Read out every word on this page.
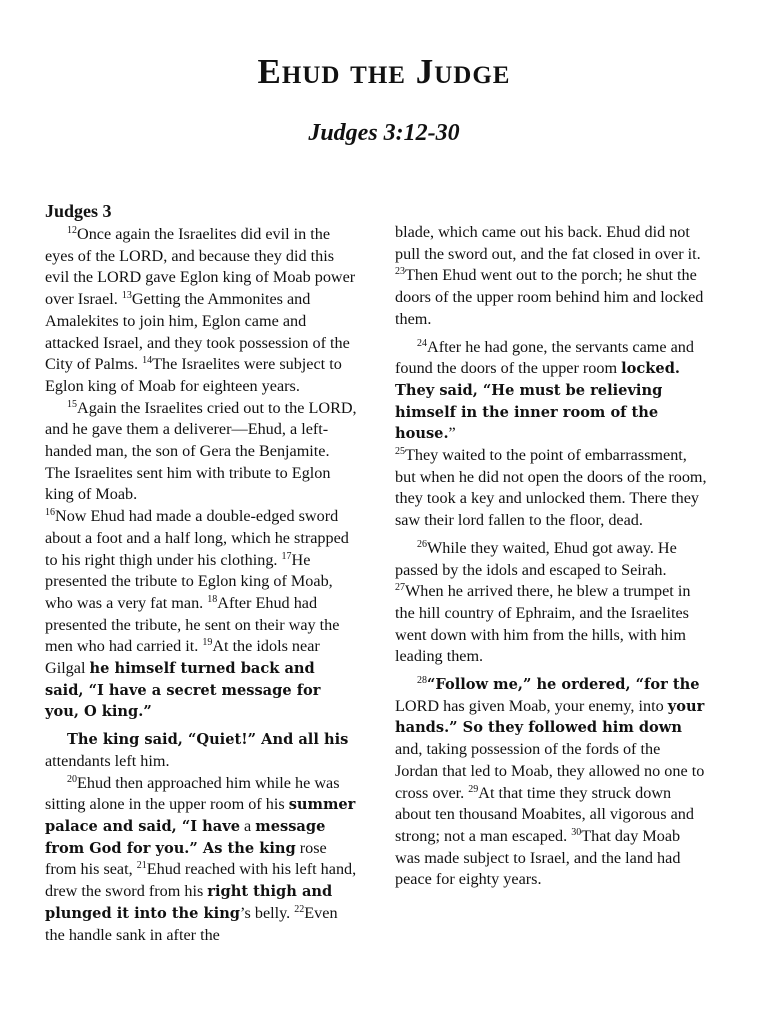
Ehud the Judge
Judges 3:12-30
Judges 3

$^{12}$Once again the Israelites did evil in the eyes of the LORD, and because they did this evil the LORD gave Eglon king of Moab power over Israel. $^{13}$Getting the Ammonites and Amalekites to join him, Eglon came and attacked Israel, and they took possession of the City of Palms. $^{14}$The Israelites were subject to Eglon king of Moab for eighteen years.

$^{15}$Again the Israelites cried out to the LORD, and he gave them a deliverer—Ehud, a left-handed man, the son of Gera the Benjamite. The Israelites sent him with tribute to Eglon king of Moab.

$^{16}$Now Ehud had made a double-edged sword about a foot and a half long, which he strapped to his right thigh under his clothing. $^{17}$He presented the tribute to Eglon king of Moab, who was a very fat man. $^{18}$After Ehud had presented the tribute, he sent on their way the men who had carried it. $^{19}$At the idols near Gilgal he himself turned back and said, “I have a secret message for you, O king.”

The king said, “Quiet!” And all his attendants left him.

$^{20}$Ehud then approached him while he was sitting alone in the upper room of his summer palace and said, “I have a message from God for you.” As the king rose from his seat, $^{21}$Ehud reached with his left hand, drew the sword from his right thigh and plunged it into the king’s belly. $^{22}$Even the handle sank in after the

blade, which came out his back. Ehud did not pull the sword out, and the fat closed in over it. $^{23}$Then Ehud went out to the porch; he shut the doors of the upper room behind him and locked them.

$^{24}$After he had gone, the servants came and found the doors of the upper room locked. They said, “He must be relieving himself in the inner room of the house.”

$^{25}$They waited to the point of embarrassment, but when he did not open the doors of the room, they took a key and unlocked them. There they saw their lord fallen to the floor, dead.

$^{26}$While they waited, Ehud got away. He passed by the idols and escaped to Seirah. $^{27}$When he arrived there, he blew a trumpet in the hill country of Ephraim, and the Israelites went down with him from the hills, with him leading them.

$^{28}$“Follow me,” he ordered, “for the LORD has given Moab, your enemy, into your hands.” So they followed him down and, taking possession of the fords of the Jordan that led to Moab, they allowed no one to cross over. $^{29}$At that time they struck down about ten thousand Moabites, all vigorous and strong; not a man escaped. $^{30}$That day Moab was made subject to Israel, and the land had peace for eighty years.
